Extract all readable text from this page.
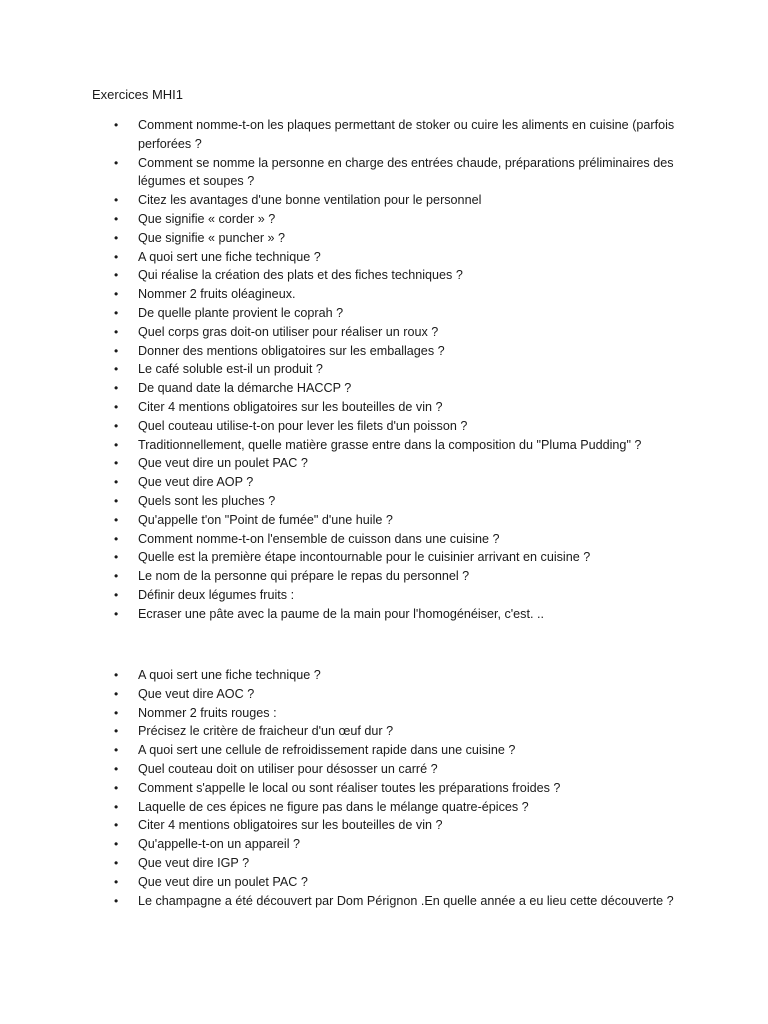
Exercices MHI1

• Comment nomme-t-on les plaques permettant de stoker ou cuire les aliments en cuisine (parfois perforées ?
• Comment se nomme la personne en charge des entrées chaude, préparations préliminaires des légumes et soupes ?
• Citez les avantages d'une bonne ventilation pour le personnel
• Que signifie « corder » ?
• Que signifie « puncher » ?
• A quoi sert une fiche technique ?
• Qui réalise la création des plats et des fiches techniques ?
• Nommer 2 fruits oléagineux.
• De quelle plante provient le coprah ?
• Quel corps gras doit-on utiliser pour réaliser un roux ?
• Donner des mentions obligatoires sur les emballages ?
• Le café soluble est-il un produit ?
• De quand date la démarche HACCP ?
• Citer 4 mentions obligatoires sur les bouteilles de vin ?
• Quel couteau utilise-t-on pour lever les filets d'un poisson ?
• Traditionnellement, quelle matière grasse entre dans la composition du "Pluma Pudding" ?
• Que veut dire un poulet PAC ?
• Que veut dire AOP ?
• Quels sont les pluches ?
• Qu'appelle t'on "Point de fumée" d'une huile ?
• Comment nomme-t-on l'ensemble de cuisson dans une cuisine ?
• Quelle est la première étape incontournable pour le cuisinier arrivant en cuisine ?
• Le nom de la personne qui prépare le repas du personnel ?
• Définir deux légumes fruits :
• Ecraser une pâte avec la paume de la main pour l'homogénéiser, c'est. ..
• A quoi sert une fiche technique ?
• Que veut dire AOC ?
• Nommer 2 fruits rouges :
• Précisez le critère de fraicheur d'un œuf dur ?
• A quoi sert une cellule de refroidissement rapide dans une cuisine ?
• Quel couteau doit on utiliser pour désosser un carré ?
• Comment s'appelle le local ou sont réaliser toutes les préparations froides ?
• Laquelle de ces épices ne figure pas dans le mélange quatre-épices ?
• Citer 4 mentions obligatoires sur les bouteilles de vin ?
• Qu'appelle-t-on un appareil ?
• Que veut dire IGP ?
• Que veut dire un poulet PAC ?
• Le champagne a été découvert par Dom Pérignon .En quelle année a eu lieu cette découverte ?
